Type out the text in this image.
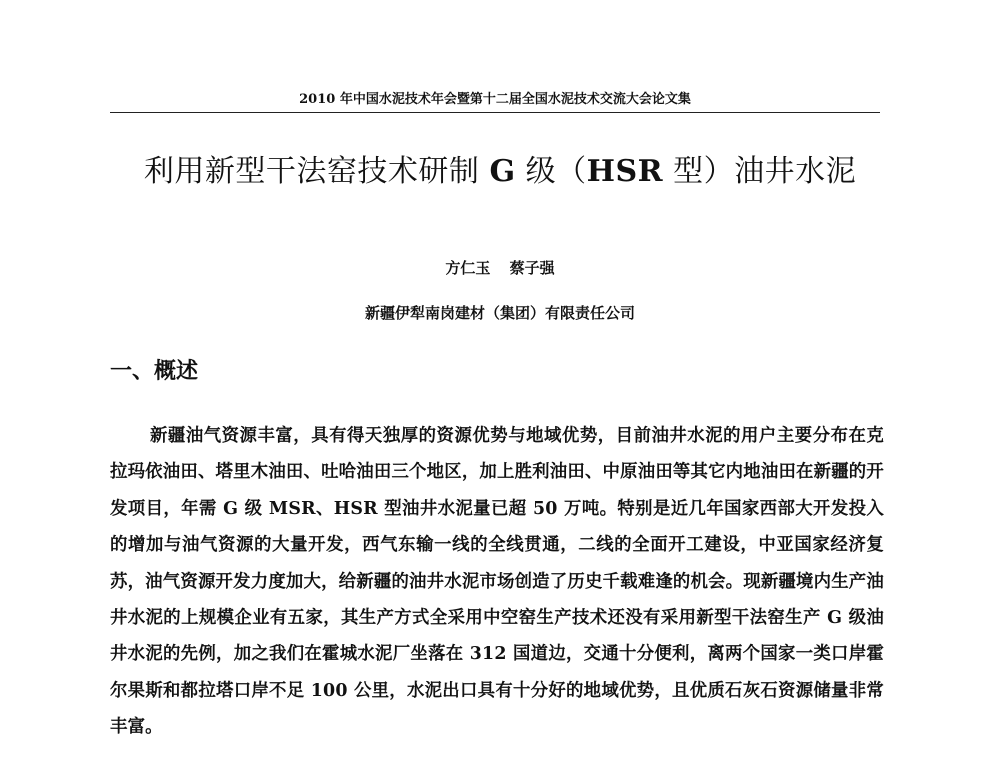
2010 年中国水泥技术年会暨第十二届全国水泥技术交流大会论文集
利用新型干法窑技术研制 G 级（HSR 型）油井水泥
方仁玉 蔡子强
新疆伊犁南岗建材（集团）有限责任公司
一、概述

新疆油气资源丰富，具有得天独厚的资源优势与地域优势，目前油井水泥的用户主要分布在克拉玛依油田、塔里木油田、吐哈油田三个地区，加上胜利油田、中原油田等其它内地油田在新疆的开发项目，年需 G 级 MSR、HSR 型油井水泥量已超 50 万吨。特别是近几年国家西部大开发投入的增加与油气资源的大量开发，西气东输一线的全线贯通，二线的全面开工建设，中亚国家经济复苏，油气资源开发力度加大，给新疆的油井水泥市场创造了历史千载难逢的机会。现新疆境内生产油井水泥的上规模企业有五家，其生产方式全采用中空窑生产技术还没有采用新型干法窑生产 G 级油井水泥的先例，加之我们在霍城水泥厂坐落在 312 国道边，交通十分便利，离两个国家一类口岸霍尔果斯和都拉塔口岸不足 100 公里，水泥出口具有十分好的地域优势，且优质石灰石资源储量非常丰富。
